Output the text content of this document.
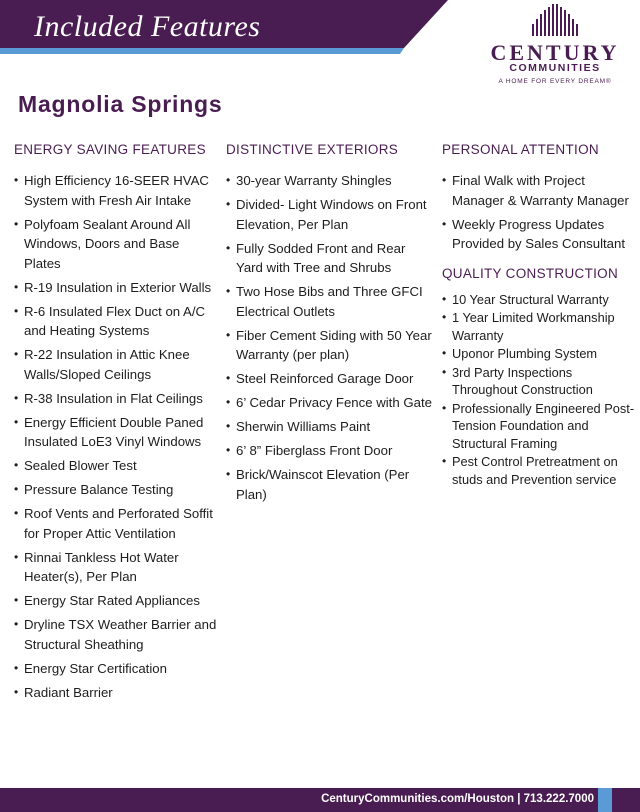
Included Features
CENTURY
COMMUNITIES
A HOME FOR EVERY DREAM®
Magnolia Springs
ENERGY SAVING FEATURES
• High Efficiency 16-SEER HVAC System with Fresh Air Intake
• Polyfoam Sealant Around All Windows, Doors and Base Plates
• R-19 Insulation in Exterior Walls
• R-6 Insulated Flex Duct on A/C and Heating Systems
• R-22 Insulation in Attic Knee Walls/Sloped Ceilings
• R-38 Insulation in Flat Ceilings
• Energy Efficient Double Paned Insulated LoE3 Vinyl Windows
• Sealed Blower Test
• Pressure Balance Testing
• Roof Vents and Perforated Soffit for Proper Attic Ventilation
• Rinnai Tankless Hot Water Heater(s), Per Plan
• Energy Star Rated Appliances
• Dryline TSX Weather Barrier and Structural Sheathing
• Energy Star Certification
• Radiant Barrier
DISTINCTIVE EXTERIORS
• 30-year Warranty Shingles
• Divided- Light Windows on Front Elevation, Per Plan
• Fully Sodded Front and Rear Yard with Tree and Shrubs
• Two Hose Bibs and Three GFCI Electrical Outlets
• Fiber Cement Siding with 50 Year Warranty (per plan)
• Steel Reinforced Garage Door
• 6’ Cedar Privacy Fence with Gate
• Sherwin Williams Paint
• 6’ 8” Fiberglass Front Door
• Brick/Wainscot Elevation (Per Plan)
PERSONAL ATTENTION
• Final Walk with Project Manager & Warranty Manager
• Weekly Progress Updates Provided by Sales Consultant
QUALITY CONSTRUCTION
• 10 Year Structural Warranty
• 1 Year Limited Workmanship Warranty
• Uponor Plumbing System
• 3rd Party Inspections Throughout Construction
• Professionally Engineered Post-Tension Foundation and Structural Framing
• Pest Control Pretreatment on studs and Prevention service
CenturyCommunities.com/Houston | 713.222.7000
